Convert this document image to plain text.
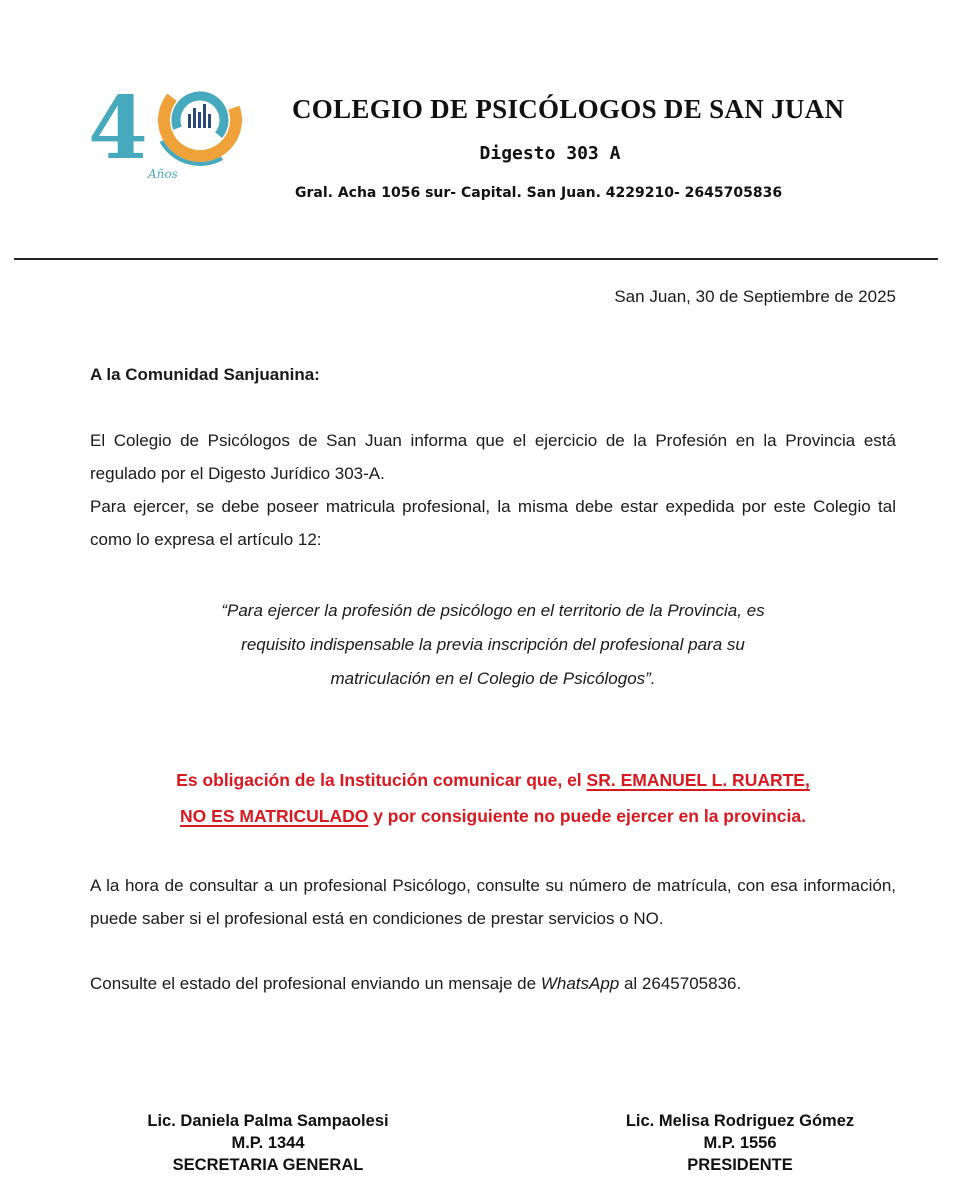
4 Años
COLEGIO DE PSICÓLOGOS DE SAN JUAN
Digesto 303 A
Gral. Acha 1056 sur- Capital. San Juan. 4229210- 2645705836
San Juan, 30 de Septiembre de 2025
A la Comunidad Sanjuanina:

El Colegio de Psicólogos de San Juan informa que el ejercicio de la Profesión en la Provincia está regulado por el Digesto Jurídico 303-A.

Para ejercer, se debe poseer matricula profesional, la misma debe estar expedida por este Colegio tal como lo expresa el artículo 12:

“Para ejercer la profesión de psicólogo en el territorio de la Provincia, es
requisito indispensable la previa inscripción del profesional para su
matriculación en el Colegio de Psicólogos”.
Es obligación de la Institución comunicar que, el SR. EMANUEL L. RUARTE,
NO ES MATRICULADO y por consiguiente no puede ejercer en la provincia.

A la hora de consultar a un profesional Psicólogo, consulte su número de matrícula, con esa información, puede saber si el profesional está en condiciones de prestar servicios o NO.

Consulte el estado del profesional enviando un mensaje de WhatsApp al 2645705836.

Lic. Daniela Palma Sampaolesi
M.P. 1344
SECRETARIA GENERAL
Lic. Melisa Rodriguez Gómez
M.P. 1556
PRESIDENTE
